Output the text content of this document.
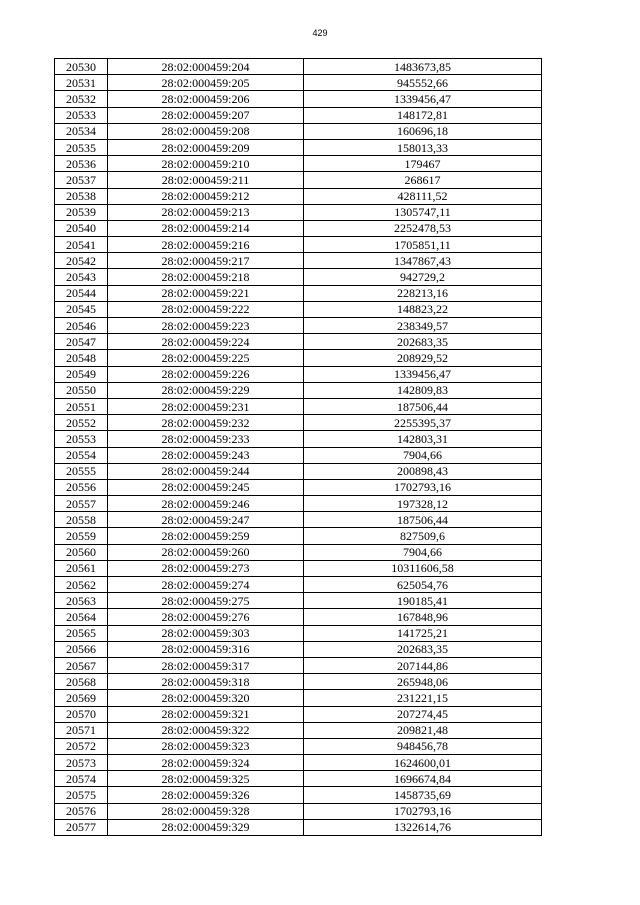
429
20530	28:02:000459:204	1483673,85
20531	28:02:000459:205	945552,66
20532	28:02:000459:206	1339456,47
20533	28:02:000459:207	148172,81
20534	28:02:000459:208	160696,18
20535	28:02:000459:209	158013,33
20536	28:02:000459:210	179467
20537	28:02:000459:211	268617
20538	28:02:000459:212	428111,52
20539	28:02:000459:213	1305747,11
20540	28:02:000459:214	2252478,53
20541	28:02:000459:216	1705851,11
20542	28:02:000459:217	1347867,43
20543	28:02:000459:218	942729,2
20544	28:02:000459:221	228213,16
20545	28:02:000459:222	148823,22
20546	28:02:000459:223	238349,57
20547	28:02:000459:224	202683,35
20548	28:02:000459:225	208929,52
20549	28:02:000459:226	1339456,47
20550	28:02:000459:229	142809,83
20551	28:02:000459:231	187506,44
20552	28:02:000459:232	2255395,37
20553	28:02:000459:233	142803,31
20554	28:02:000459:243	7904,66
20555	28:02:000459:244	200898,43
20556	28:02:000459:245	1702793,16
20557	28:02:000459:246	197328,12
20558	28:02:000459:247	187506,44
20559	28:02:000459:259	827509,6
20560	28:02:000459:260	7904,66
20561	28:02:000459:273	10311606,58
20562	28:02:000459:274	625054,76
20563	28:02:000459:275	190185,41
20564	28:02:000459:276	167848,96
20565	28:02:000459:303	141725,21
20566	28:02:000459:316	202683,35
20567	28:02:000459:317	207144,86
20568	28:02:000459:318	265948,06
20569	28:02:000459:320	231221,15
20570	28:02:000459:321	207274,45
20571	28:02:000459:322	209821,48
20572	28:02:000459:323	948456,78
20573	28:02:000459:324	1624600,01
20574	28:02:000459:325	1696674,84
20575	28:02:000459:326	1458735,69
20576	28:02:000459:328	1702793,16
20577	28:02:000459:329	1322614,76
